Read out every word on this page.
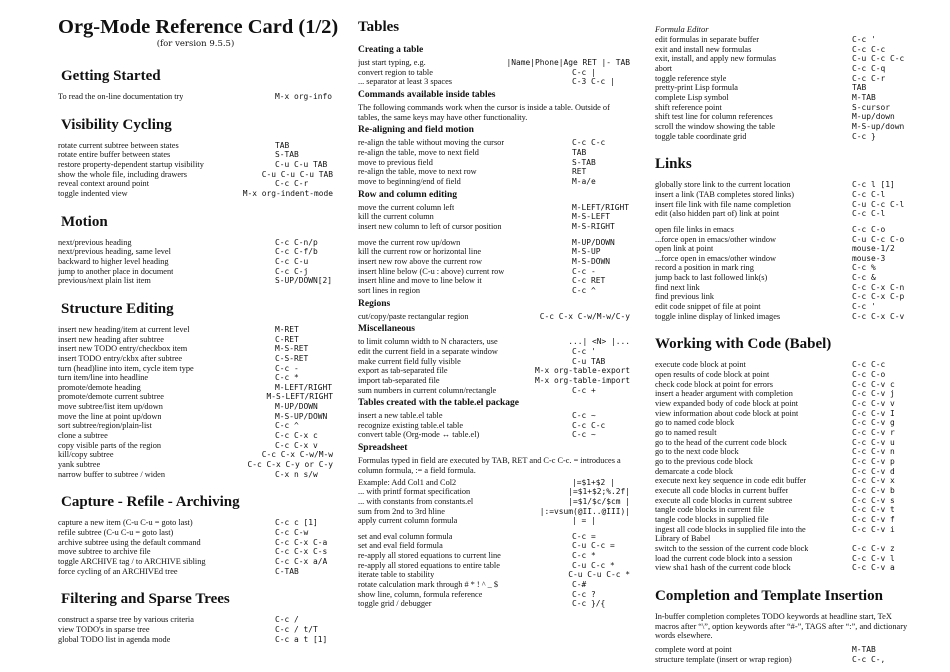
Org-Mode Reference Card (1/2)
(for version 9.5.5)
Getting Started
To read the on-line documentation try	M-x org-info
Visibility Cycling
rotate current subtree between states	TAB
rotate entire buffer between states	S-TAB
restore property-dependent startup visibility	C-u C-u TAB
show the whole file, including drawers	C-u C-u C-u TAB
reveal context around point	C-c C-r
toggle indented view	M-x org-indent-mode
Motion
next/previous heading	C-c C-n/p
next/previous heading, same level	C-c C-f/b
backward to higher level heading	C-c C-u
jump to another place in document	C-c C-j
previous/next plain list item	S-UP/DOWN[2]
Structure Editing
insert new heading/item at current level	M-RET
insert new heading after subtree	C-RET
insert new TODO entry/checkbox item	M-S-RET
insert TODO entry/ckbx after subtree	C-S-RET
turn (head)line into item, cycle item type	C-c -
turn item/line into headline	C-c *
promote/demote heading	M-LEFT/RIGHT
promote/demote current subtree	M-S-LEFT/RIGHT
move subtree/list item up/down	M-UP/DOWN
move the line at point up/down	M-S-UP/DOWN
sort subtree/region/plain-list	C-c ^
clone a subtree	C-c C-x c
copy visible parts of the region	C-c C-x v
kill/copy subtree	C-c C-x C-w/M-w
yank subtree	C-c C-x C-y or C-y
narrow buffer to subtree / widen	C-x n s/w
Capture - Refile - Archiving
capture a new item (C-u C-u = goto last)	C-c c [1]
refile subtree (C-u C-u = goto last)	C-c C-w
archive subtree using the default command	C-c C-x C-a
move subtree to archive file	C-c C-x C-s
toggle ARCHIVE tag / to ARCHIVE sibling	C-c C-x a/A
force cycling of an ARCHIVEd tree	C-TAB
Filtering and Sparse Trees
construct a sparse tree by various criteria	C-c /
view TODO's in sparse tree	C-c / t/T
global TODO list in agenda mode	C-c a t [1]
Tables
Creating a table
just start typing, e.g.	|Name|Phone|Age RET |- TAB
convert region to table	C-c |
... separator at least 3 spaces	C-3 C-c |
Commands available inside tables
The following commands work when the cursor is inside a table. Outside of tables, the same keys may have other functionality.
Re-aligning and field motion
re-align the table without moving the cursor	C-c C-c
re-align the table, move to next field	TAB
move to previous field	S-TAB
re-align the table, move to next row	RET
move to beginning/end of field	M-a/e
Row and column editing
move the current column left	M-LEFT/RIGHT
kill the current column	M-S-LEFT
insert new column to left of cursor position	M-S-RIGHT
move the current row up/down	M-UP/DOWN
kill the current row or horizontal line	M-S-UP
insert new row above the current row	M-S-DOWN
insert hline below (C-u : above) current row	C-c -
insert hline and move to line below it	C-c RET
sort lines in region	C-c ^
Regions
cut/copy/paste rectangular region	C-c C-x C-w/M-w/C-y
Miscellaneous
to limit column width to N characters, use	...| <N> |...
edit the current field in a separate window	C-c '
make current field fully visible	C-u TAB
export as tab-separated file	M-x org-table-export
import tab-separated file	M-x org-table-import
sum numbers in current column/rectangle	C-c +
Tables created with the table.el package
insert a new table.el table	C-c ~
recognize existing table.el table	C-c C-c
convert table (Org-mode ↔ table.el)	C-c ~
Spreadsheet
Formulas typed in field are executed by TAB, RET and C-c C-c. = introduces a column formula, := a field formula.
Example: Add Col1 and Col2	|=$1+$2 |
... with printf format specification	|=$1+$2;%.2f|
... with constants from constants.el	|=$1/$c/$cm |
sum from 2nd to 3rd hline	|:=vsum(@II..@III)|
apply current column formula	| = |
set and eval column formula	C-c =
set and eval field formula	C-u C-c =
re-apply all stored equations to current line	C-c *
re-apply all stored equations to entire table	C-u C-c *
iterate table to stability	C-u C-u C-c *
rotate calculation mark through # * ! ^ _ $	C-#
show line, column, formula reference	C-c ?
toggle grid / debugger	C-c }/{
Formula Editor
edit formulas in separate buffer	C-c '
exit and install new formulas	C-c C-c
exit, install, and apply new formulas	C-u C-c C-c
abort	C-c C-q
toggle reference style	C-c C-r
pretty-print Lisp formula	TAB
complete Lisp symbol	M-TAB
shift reference point	S-cursor
shift test line for column references	M-up/down
scroll the window showing the table	M-S-up/down
toggle table coordinate grid	C-c }
Links
globally store link to the current location	C-c l [1]
insert a link (TAB completes stored links)	C-c C-l
insert file link with file name completion	C-u C-c C-l
edit (also hidden part of) link at point	C-c C-l
open file links in emacs	C-c C-o
...force open in emacs/other window	C-u C-c C-o
open link at point	mouse-1/2
...force open in emacs/other window	mouse-3
record a position in mark ring	C-c %
jump back to last followed link(s)	C-c &
find next link	C-c C-x C-n
find previous link	C-c C-x C-p
edit code snippet of file at point	C-c '
toggle inline display of linked images	C-c C-x C-v
Working with Code (Babel)
execute code block at point	C-c C-c
open results of code block at point	C-c C-o
check code block at point for errors	C-c C-v c
insert a header argument with completion	C-c C-v j
view expanded body of code block at point	C-c C-v v
view information about code block at point	C-c C-v I
go to named code block	C-c C-v g
go to named result	C-c C-v r
go to the head of the current code block	C-c C-v u
go to the next code block	C-c C-v n
go to the previous code block	C-c C-v p
demarcate a code block	C-c C-v d
execute next key sequence in code edit buffer	C-c C-v x
execute all code blocks in current buffer	C-c C-v b
execute all code blocks in current subtree	C-c C-v s
tangle code blocks in current file	C-c C-v t
tangle code blocks in supplied file	C-c C-v f
ingest all code blocks in supplied file into the	C-c C-v i
Library of Babel
switch to the session of the current code block	C-c C-v z
load the current code block into a session	C-c C-v l
view sha1 hash of the current code block	C-c C-v a
Completion and Template Insertion
In-buffer completion completes TODO keywords at headline start, TeX macros after “\”, option keywords after “#-”, TAGS after “:”, and dictionary words elsewhere.
complete word at point	M-TAB
structure template (insert or wrap region)	C-c C-,
